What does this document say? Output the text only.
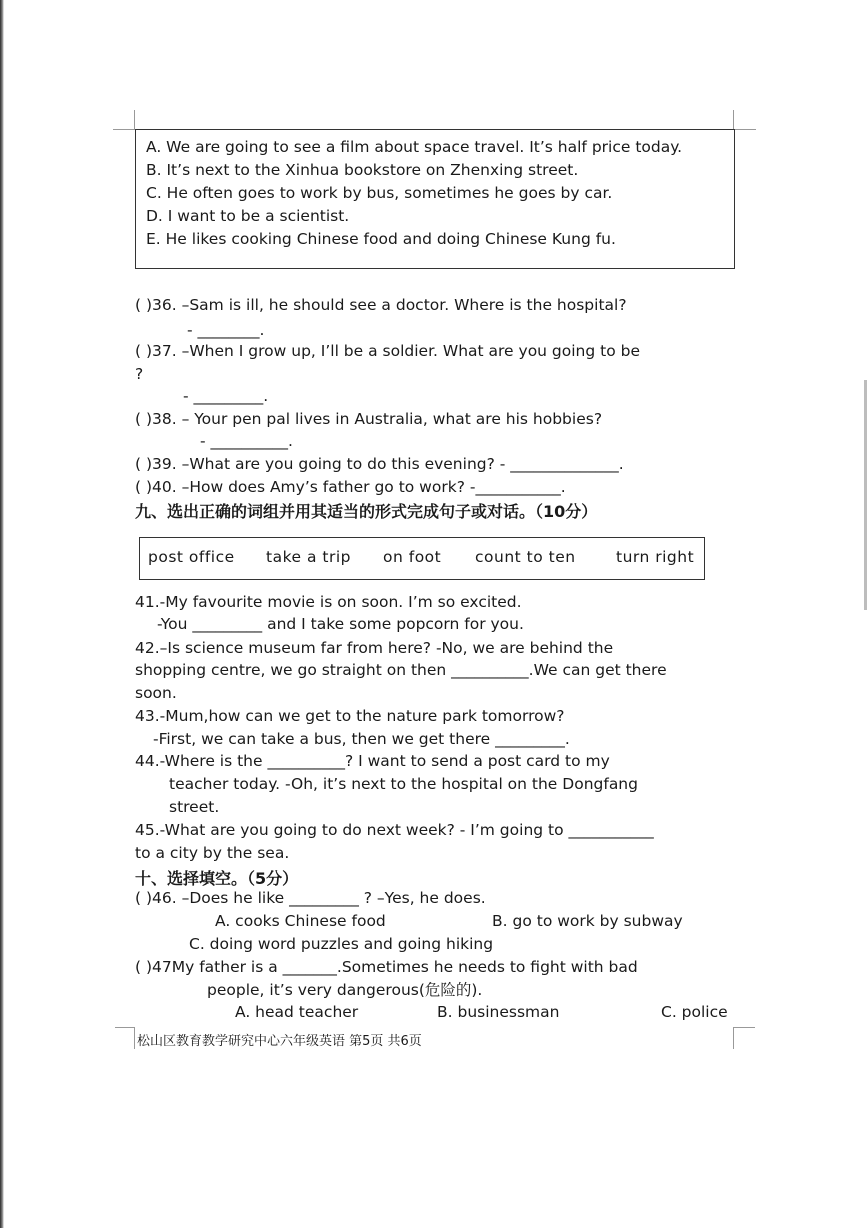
A. We are going to see a film about space travel. It’s half price today.
B. It’s next to the Xinhua bookstore on Zhenxing street.
C. He often goes to work by bus, sometimes he goes by car.
D. I want to be a scientist.
E. He likes cooking Chinese food and doing Chinese Kung fu.
( )36. –Sam is ill, he should see a doctor. Where is the hospital?
- ________.
( )37. –When I grow up, I’ll be a soldier. What are you going to be
?
- _________.
( )38. – Your pen pal lives in Australia, what are his hobbies?
- __________.
( )39. –What are you going to do this evening? - ______________.
( )40. –How does Amy’s father go to work? -___________.
九、选出正确的词组并用其适当的形式完成句子或对话。（10分）
post office take a trip on foot count to ten	turn right
41.-My favourite movie is on soon. I’m so excited.
-You _________ and I take some popcorn for you.
42.–Is science museum far from here? -No, we are behind the
shopping centre, we go straight on then __________.We can get there
soon.
43.-Mum,how can we get to the nature park tomorrow?
-First, we can take a bus, then we get there _________.
44.-Where is the __________? I want to send a post card to my
teacher today. -Oh, it’s next to the hospital on the Dongfang
street.
45.-What are you going to do next week? - I’m going to ___________
to a city by the sea.
十、选择填空。（5分）
( )46. –Does he like _________ ? –Yes, he does.
A. cooks Chinese food	B. go to work by subway
C. doing word puzzles and going hiking
( )47My father is a _______.Sometimes he needs to fight with bad
people, it’s very dangerous(危险的).
A. head teacher	B. businessman	C. police
松山区教育教学研究中心六年级英语 第5页 共6页
